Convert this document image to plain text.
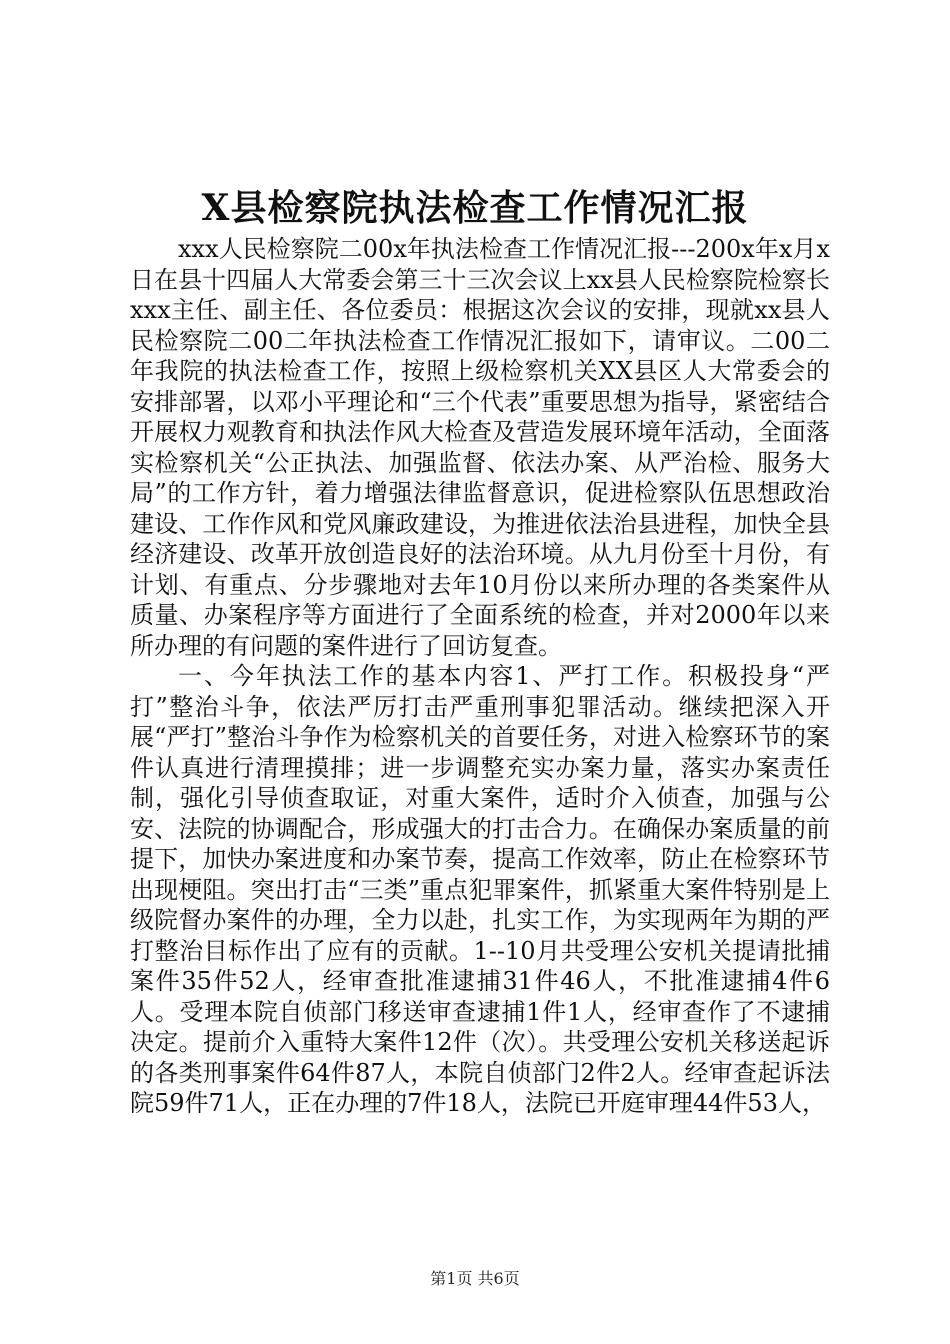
X县检察院执法检查工作情况汇报

xxx人民检察院二00x年执法检查工作情况汇报---200x年x月x日在县十四届人大常委会第三十三次会议上xx县人民检察院检察长xxx主任、副主任、各位委员：根据这次会议的安排，现就xx县人民检察院二00二年执法检查工作情况汇报如下，请审议。二00二年我院的执法检查工作，按照上级检察机关XX县区人大常委会的安排部署，以邓小平理论和“三个代表”重要思想为指导，紧密结合开展权力观教育和执法作风大检查及营造发展环境年活动，全面落实检察机关“公正执法、加强监督、依法办案、从严治检、服务大局”的工作方针，着力增强法律监督意识，促进检察队伍思想政治建设、工作作风和党风廉政建设，为推进依法治县进程，加快全县经济建设、改革开放创造良好的法治环境。从九月份至十月份，有计划、有重点、分步骤地对去年10月份以来所办理的各类案件从质量、办案程序等方面进行了全面系统的检查，并对2000年以来所办理的有问题的案件进行了回访复查。

一、今年执法工作的基本内容1、严打工作。积极投身“严打”整治斗争，依法严厉打击严重刑事犯罪活动。继续把深入开展“严打”整治斗争作为检察机关的首要任务，对进入检察环节的案件认真进行清理摸排；进一步调整充实办案力量，落实办案责任制，强化引导侦查取证，对重大案件，适时介入侦查，加强与公安、法院的协调配合，形成强大的打击合力。在确保办案质量的前提下，加快办案进度和办案节奏，提高工作效率，防止在检察环节出现梗阻。突出打击“三类”重点犯罪案件，抓紧重大案件特别是上级院督办案件的办理，全力以赴，扎实工作，为实现两年为期的严打整治目标作出了应有的贡献。1--10月共受理公安机关提请批捕案件35件52人，经审查批准逮捕31件46人，不批准逮捕4件6人。受理本院自侦部门移送审查逮捕1件1人，经审查作了不逮捕决定。提前介入重特大案件12件（次）。共受理公安机关移送起诉的各类刑事案件64件87人，本院自侦部门2件2人。经审查起诉法院59件71人，正在办理的7件18人，法院已开庭审理44件53人，

第1页 共6页
